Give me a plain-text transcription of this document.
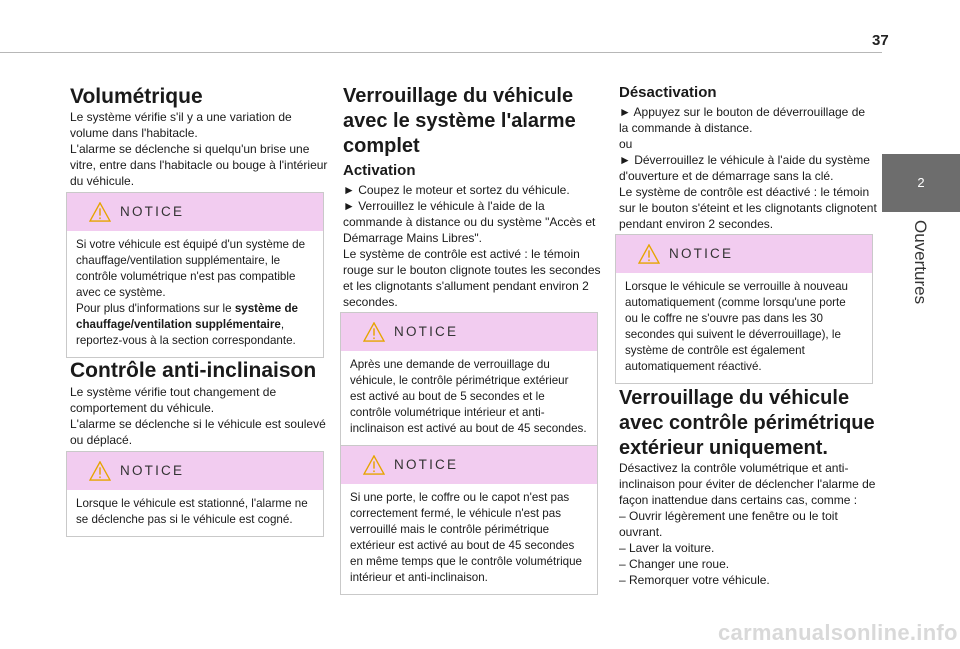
37
2
Ouvertures
Volumétrique

Le système vérifie s'il y a une variation de

volume dans l'habitacle.

L'alarme se déclenche si quelqu'un brise une

vitre, entre dans l'habitacle ou bouge à l'intérieur

du véhicule.

NOTICE
Si votre véhicule est équipé d'un système de
chauffage/ventilation supplémentaire, le
contrôle volumétrique n'est pas compatible
avec ce système.
Pour plus d'informations sur le système de
chauffage/ventilation supplémentaire,
reportez-vous à la section correspondante.
Contrôle anti-inclinaison

Le système vérifie tout changement de

comportement du véhicule.

L'alarme se déclenche si le véhicule est soulevé

ou déplacé.

NOTICE
Lorsque le véhicule est stationné, l'alarme ne
se déclenche pas si le véhicule est cogné.
Verrouillage du véhicule
avec le système l'alarme
complet
Activation

► Coupez le moteur et sortez du véhicule.

► Verrouillez le véhicule à l'aide de la

commande à distance ou du système "Accès et

Démarrage Mains Libres".

Le système de contrôle est activé : le témoin

rouge sur le bouton clignote toutes les secondes

et les clignotants s'allument pendant environ 2

secondes.

NOTICE
Après une demande de verrouillage du
véhicule, le contrôle périmétrique extérieur
est activé au bout de 5 secondes et le
contrôle volumétrique intérieur et anti-
inclinaison est activé au bout de 45 secondes.
NOTICE
Si une porte, le coffre ou le capot n'est pas
correctement fermé, le véhicule n'est pas
verrouillé mais le contrôle périmétrique
extérieur est activé au bout de 45 secondes
en même temps que le contrôle volumétrique
intérieur et anti-inclinaison.
Désactivation

► Appuyez sur le bouton de déverrouillage de

la commande à distance.

ou

► Déverrouillez le véhicule à l'aide du système

d'ouverture et de démarrage sans la clé.

Le système de contrôle est déactivé : le témoin

sur le bouton s'éteint et les clignotants clignotent

pendant environ 2 secondes.

NOTICE
Lorsque le véhicule se verrouille à nouveau
automatiquement (comme lorsqu'une porte
ou le coffre ne s'ouvre pas dans les 30
secondes qui suivent le déverrouillage), le
système de contrôle est également
automatiquement réactivé.
Verrouillage du véhicule
avec contrôle périmétrique
extérieur uniquement.

Désactivez la contrôle volumétrique et anti-

inclinaison pour éviter de déclencher l'alarme de

façon inattendue dans certains cas, comme :

– Ouvrir légèrement une fenêtre ou le toit

ouvrant.

– Laver la voiture.

– Changer une roue.

– Remorquer votre véhicule.

carmanualsonline.info
